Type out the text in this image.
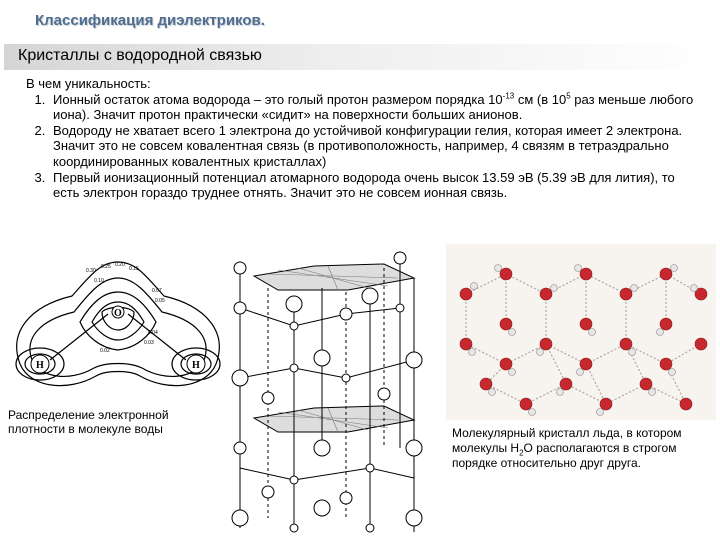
Классификация диэлектриков.
Кристаллы с водородной связью

В чем уникальность:

1. Ионный остаток атома водорода – это голый протон размером порядка $10^{-13}$ см (в $10^5$ раз меньше любого иона). Значит протон практически «сидит» на поверхности больших анионов.
2. Водороду не хватает всего 1 электрона до устойчивой конфигурации гелия, которая имеет 2 электрона. Значит это не совсем ковалентная связь (в противоположность, например, 4 связям в тетраэдрально координированных ковалентных кристаллах)
3. Первый ионизационный потенциал атомарного водорода очень высок 13.59 эВ (5.39 эВ для лития), то есть электрон гораздо труднее отнять. Значит это не совсем ионная связь.
O
H	H
0.30
0.25 0.20
0.15
0.10
0.07
0.05
0.04
0.03
0.02
Распределение электронной плотности в молекуле воды	Молекулярный кристалл льда, в котором молекулы $H_2O$ располагаются в строгом порядке относительно друг друга.
